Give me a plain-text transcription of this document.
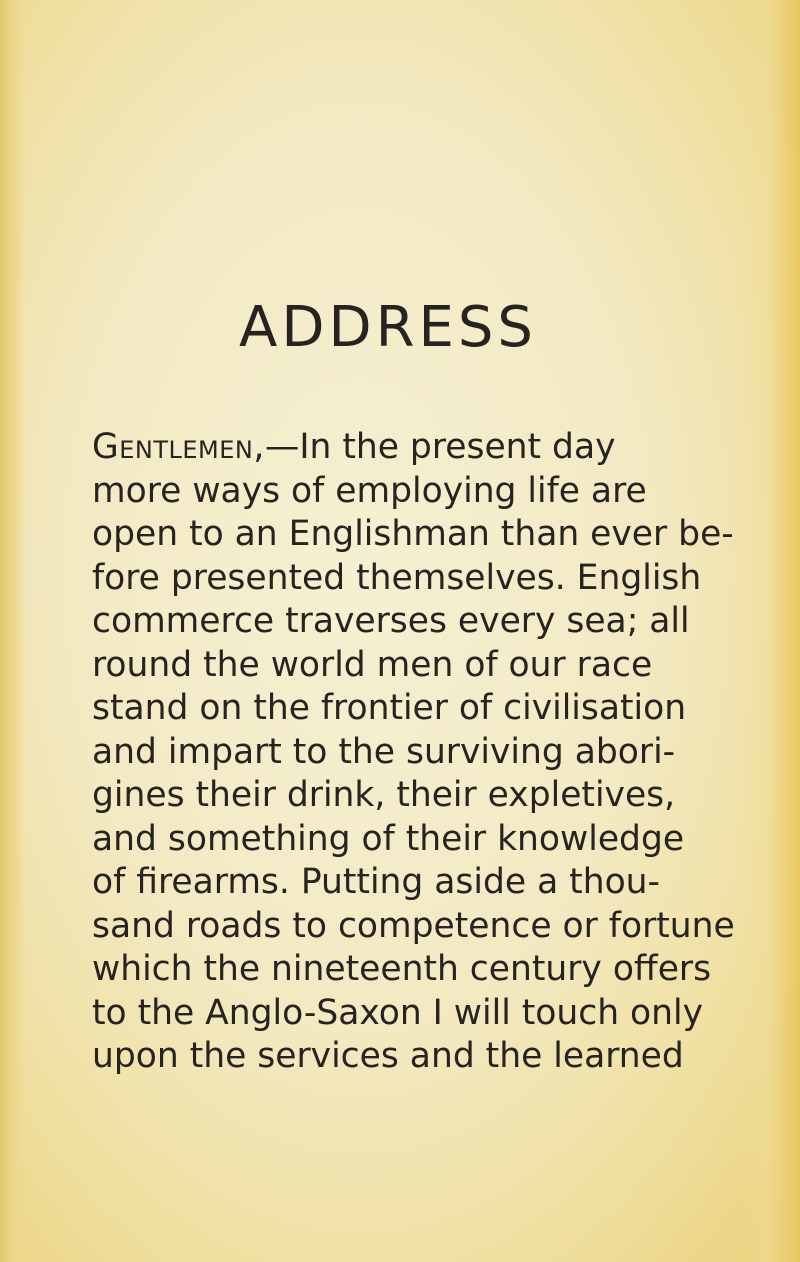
ADDRESS
Gentlemen,—In the present day
more ways of employing life are
open to an Englishman than ever be-
fore presented themselves. English
commerce traverses every sea; all
round the world men of our race
stand on the frontier of civilisation
and impart to the surviving abori-
gines their drink, their expletives,
and something of their knowledge
of firearms. Putting aside a thou-
sand roads to competence or fortune
which the nineteenth century offers
to the Anglo-Saxon I will touch only
upon the services and the learned
